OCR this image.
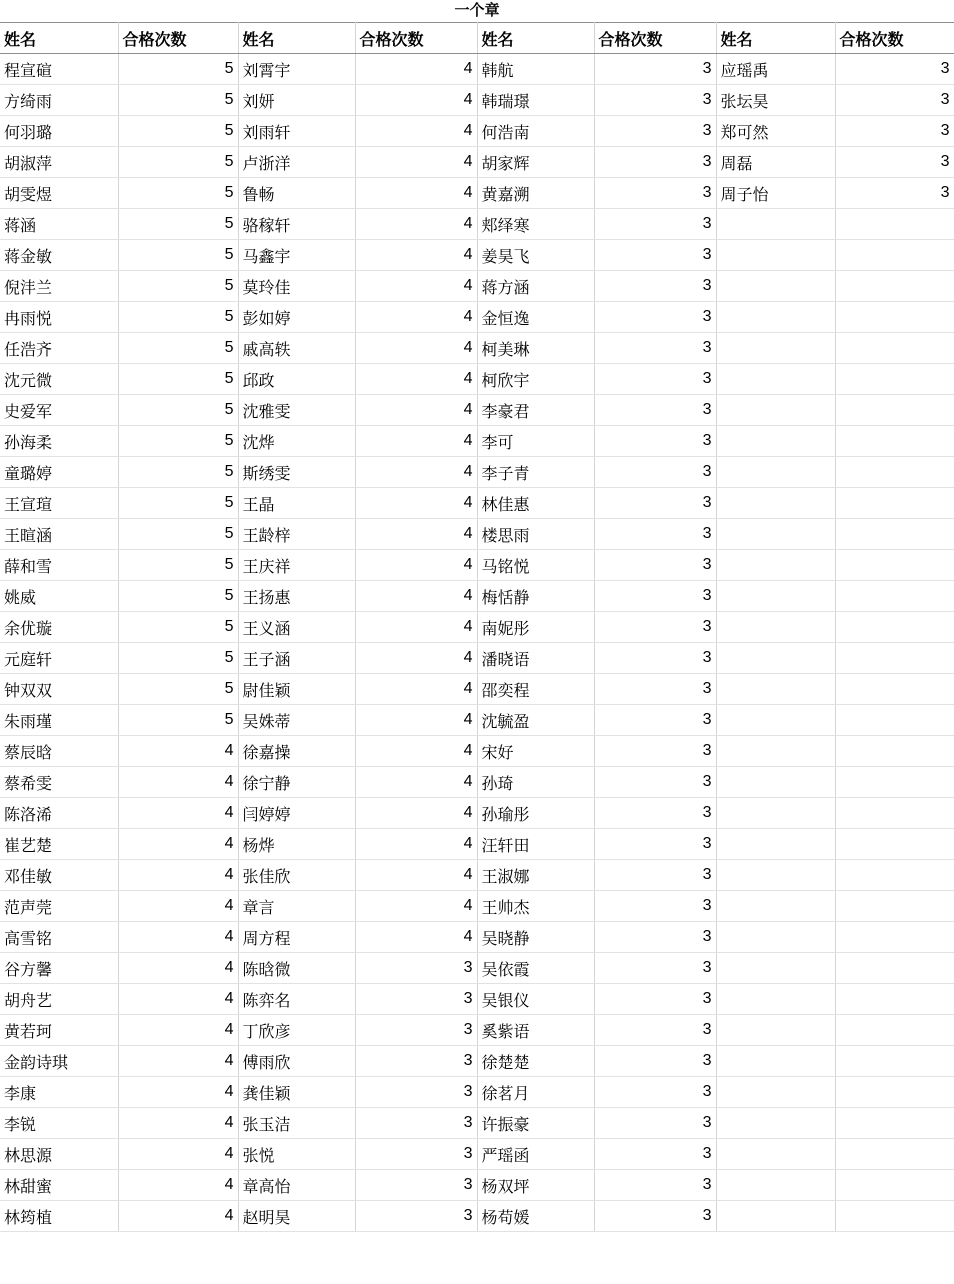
一个章
姓名	合格次数	姓名	合格次数	姓名	合格次数	姓名	合格次数
程宣碹	5	刘霄宇	4	韩航	3	应瑶禹	3
方绮雨	5	刘妍	4	韩瑞璟	3	张坛昊	3
何羽璐	5	刘雨轩	4	何浩南	3	郑可然	3
胡淑萍	5	卢浙洋	4	胡家辉	3	周磊	3
胡雯煜	5	鲁畅	4	黄嘉溯	3	周子怡	3
蒋涵	5	骆稼轩	4	郏绎寒	3		
蒋金敏	5	马鑫宇	4	姜昊飞	3		
倪沣兰	5	莫玲佳	4	蒋方涵	3		
冉雨悦	5	彭如婷	4	金恒逸	3		
任浩齐	5	戚高轶	4	柯美琳	3		
沈元微	5	邱政	4	柯欣宇	3		
史爱军	5	沈雅雯	4	李豪君	3		
孙海柔	5	沈烨	4	李可	3		
童璐婷	5	斯绣雯	4	李子青	3		
王宣瑄	5	王晶	4	林佳惠	3		
王暄涵	5	王龄梓	4	楼思雨	3		
薛和雪	5	王庆祥	4	马铭悦	3		
姚威	5	王扬惠	4	梅恬静	3		
余优璇	5	王义涵	4	南妮彤	3		
元庭轩	5	王子涵	4	潘晓语	3		
钟双双	5	尉佳颖	4	邵奕程	3		
朱雨瑾	5	吴姝蒂	4	沈毓盈	3		
蔡辰晗	4	徐嘉操	4	宋好	3		
蔡希雯	4	徐宁静	4	孙琦	3		
陈洛浠	4	闫婷婷	4	孙瑜彤	3		
崔艺楚	4	杨烨	4	汪轩田	3		
邓佳敏	4	张佳欣	4	王淑娜	3		
范声莞	4	章言	4	王帅杰	3		
高雪铭	4	周方程	4	吴晓静	3		
谷方馨	4	陈晗微	3	吴依霞	3		
胡舟艺	4	陈弈名	3	吴银仪	3		
黄若珂	4	丁欣彦	3	奚紫语	3		
金韵诗琪	4	傅雨欣	3	徐楚楚	3		
李康	4	龚佳颖	3	徐茗月	3		
李锐	4	张玉洁	3	许振豪	3		
林思源	4	张悦	3	严瑶函	3		
林甜蜜	4	章高怡	3	杨双坪	3		
林筠植	4	赵明昊	3	杨苟媛	3		
